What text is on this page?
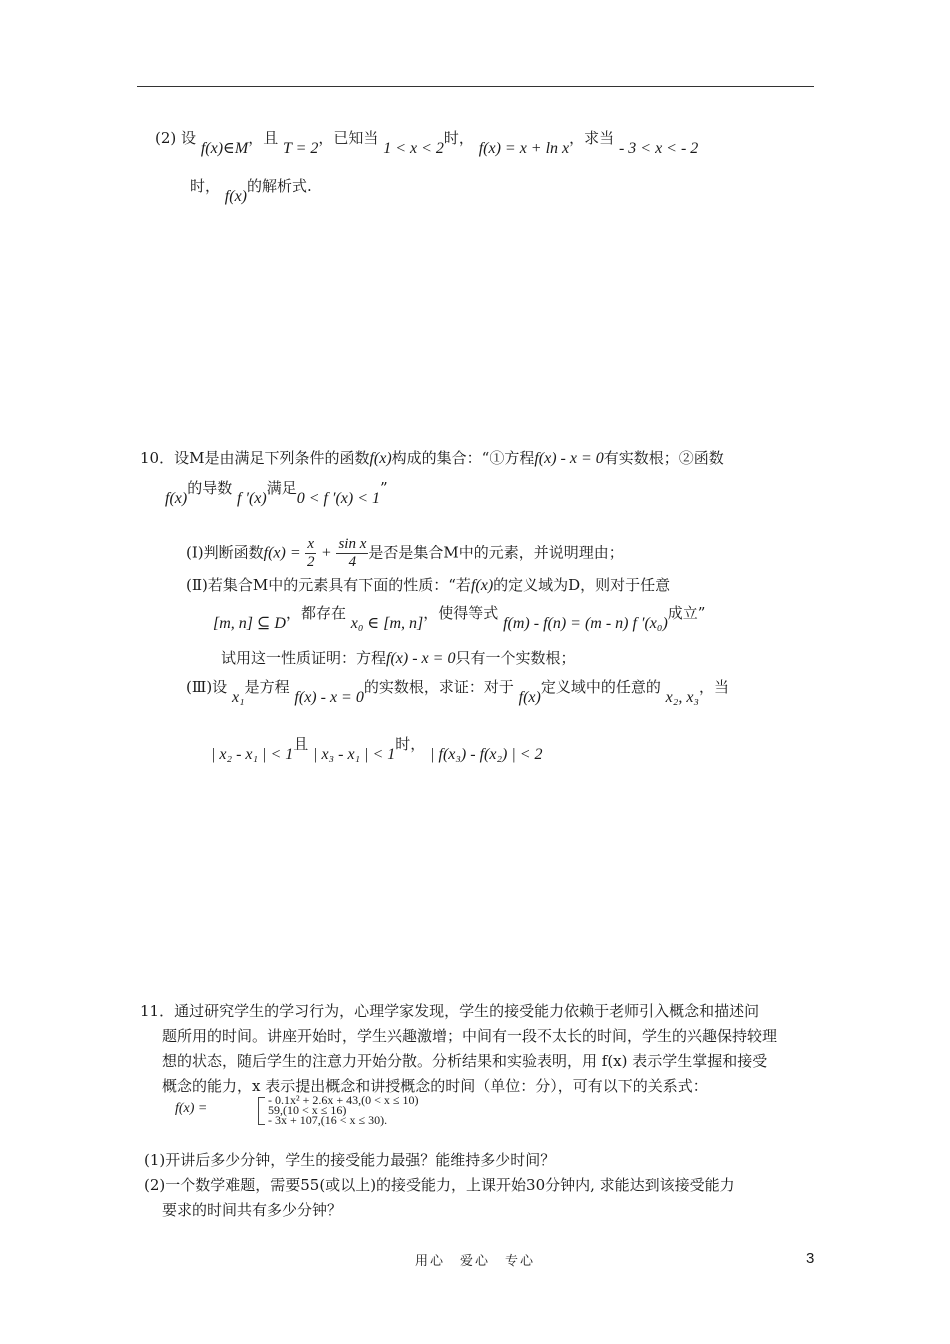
(2) 设 f(x)∈M，且 T = 2，已知当 1 < x < 2时， f(x) = x + ln x，求当 - 3 < x < - 2
时， f(x)的解析式.
10．设M是由满足下列条件的函数f(x)构成的集合：“①方程f(x) - x = 0有实数根；②函数
f(x)的导数 f ′(x)满足0 < f ′(x) < 1”
(Ⅰ)判断函数$f(x) = \frac{x}{2} + \frac{\text{sin x}}{4}$ 是否是集合M中的元素，并说明理由；
(Ⅱ)若集合M中的元素具有下面的性质：“若f(x)的定义域为D，则对于任意
[m, n] ⊆ D，都存在 x₀ ∈ [m, n]，使得等式 f(m) - f(n) = (m - n) f ′(x₀)成立”
试用这一性质证明：方程f(x) - x = 0只有一个实数根；
(Ⅲ)设 x₁是方程 f(x) - x = 0的实数根，求证：对于 f(x)定义域中的任意的 x₂, x₃，当
| x₂ - x₁ | < 1且 | x₃ - x₁ | < 1时， | f(x₃) - f(x₂) | < 2
11．通过研究学生的学习行为，心理学家发现，学生的接受能力依赖于老师引入概念和描述问
题所用的时间。讲座开始时，学生兴趣激增；中间有一段不太长的时间，学生的兴趣保持较理
想的状态，随后学生的注意力开始分散。分析结果和实验表明，用 f(x) 表示学生掌握和接受
概念的能力，x 表示提出概念和讲授概念的时间（单位：分），可有以下的关系式：
f(x) =
- 0.1x² + 2.6x + 43,(0 < x ≤ 10)
59,(10 < x ≤ 16)
- 3x + 107,(16 < x ≤ 30).
(1)开讲后多少分钟，学生的接受能力最强？能维持多少时间？
(2)一个数学难题，需要55(或以上)的接受能力，上课开始30分钟内, 求能达到该接受能力
要求的时间共有多少分钟？
用心　爱心　专心	3
